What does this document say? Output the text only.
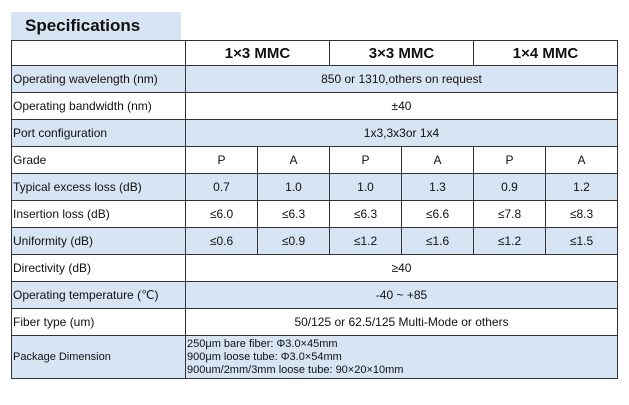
Specifications
	1×3 MMC		3×3 MMC		1×4 MMC	
Operating wavelength (nm)	850 or 1310,others on request					
Operating bandwidth (nm)	±40					
Port configuration	1x3,3x3or 1x4					
Grade	P	A	P	A	P	A
Typical excess loss (dB)	0.7	1.0	1.0	1.3	0.9	1.2
Insertion loss (dB)	≤6.0	≤6.3	≤6.3	≤6.6	≤7.8	≤8.3
Uniformity (dB)	≤0.6	≤0.9	≤1.2	≤1.6	≤1.2	≤1.5
Directivity (dB)	≥40					
Operating temperature (℃)	-40 ~ +85					
Fiber type (um)	50/125 or 62.5/125 Multi-Mode or others					
Package Dimension	250μm bare fiber: Φ3.0×45mm
900μm loose tube: Φ3.0×54mm
900um/2mm/3mm loose tube: 90×20×10mm					
